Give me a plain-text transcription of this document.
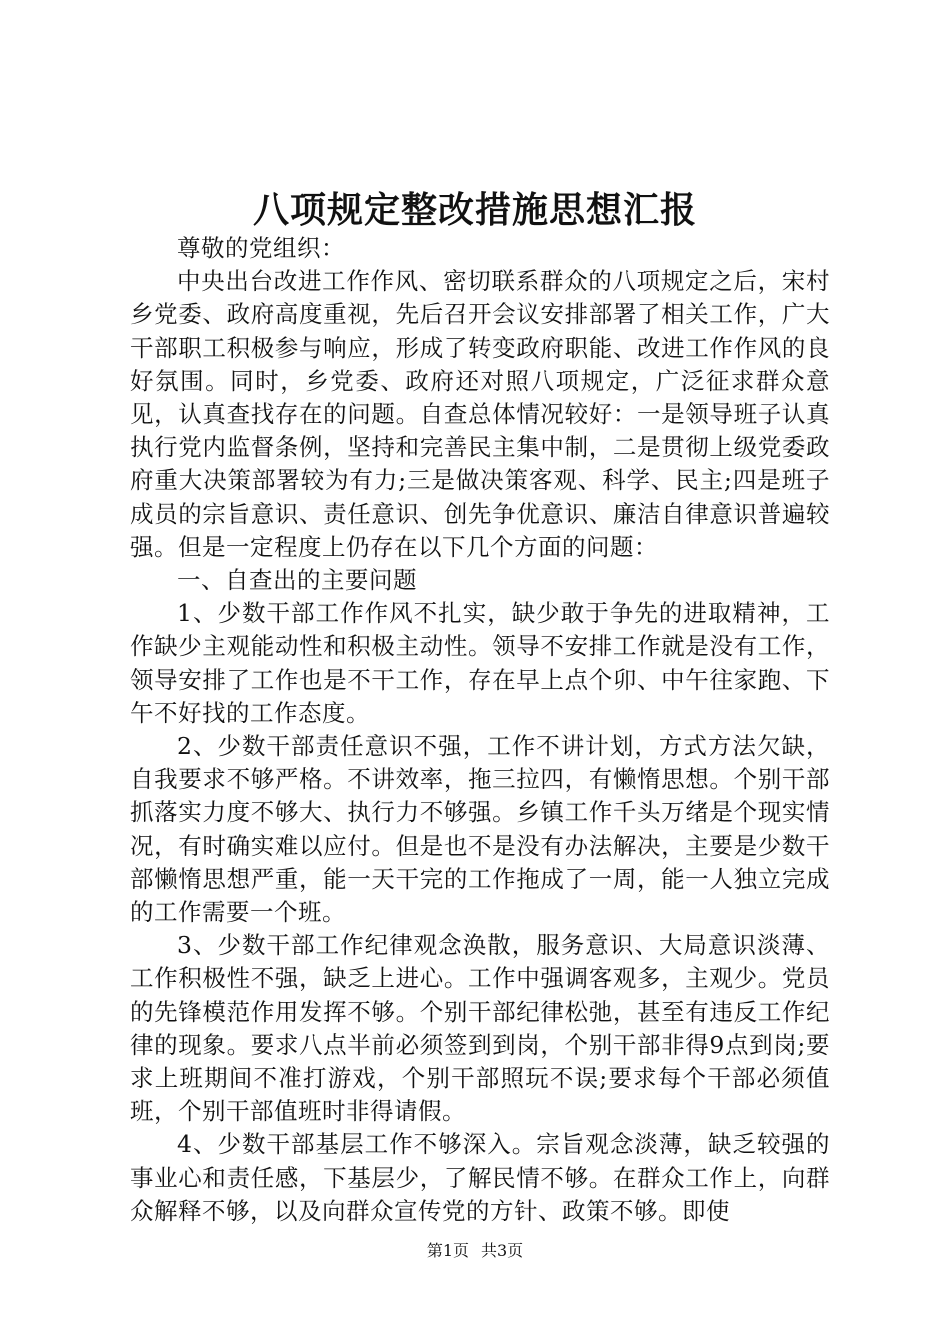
八项规定整改措施思想汇报

尊敬的党组织：

中央出台改进工作作风、密切联系群众的八项规定之后，宋村乡党委、政府高度重视，先后召开会议安排部署了相关工作，广大干部职工积极参与响应，形成了转变政府职能、改进工作作风的良好氛围。同时，乡党委、政府还对照八项规定，广泛征求群众意见，认真查找存在的问题。自查总体情况较好：一是领导班子认真执行党内监督条例，坚持和完善民主集中制，二是贯彻上级党委政府重大决策部署较为有力;三是做决策客观、科学、民主;四是班子成员的宗旨意识、责任意识、创先争优意识、廉洁自律意识普遍较强。但是一定程度上仍存在以下几个方面的问题：

一、自查出的主要问题

1、少数干部工作作风不扎实，缺少敢于争先的进取精神，工作缺少主观能动性和积极主动性。领导不安排工作就是没有工作，领导安排了工作也是不干工作，存在早上点个卯、中午往家跑、下午不好找的工作态度。

2、少数干部责任意识不强，工作不讲计划，方式方法欠缺，自我要求不够严格。不讲效率，拖三拉四，有懒惰思想。个别干部抓落实力度不够大、执行力不够强。乡镇工作千头万绪是个现实情况，有时确实难以应付。但是也不是没有办法解决，主要是少数干部懒惰思想严重，能一天干完的工作拖成了一周，能一人独立完成的工作需要一个班。

3、少数干部工作纪律观念涣散，服务意识、大局意识淡薄、工作积极性不强，缺乏上进心。工作中强调客观多，主观少。党员的先锋模范作用发挥不够。个别干部纪律松弛，甚至有违反工作纪律的现象。要求八点半前必须签到到岗，个别干部非得9点到岗;要求上班期间不准打游戏，个别干部照玩不误;要求每个干部必须值班，个别干部值班时非得请假。

4、少数干部基层工作不够深入。宗旨观念淡薄，缺乏较强的事业心和责任感，下基层少，了解民情不够。在群众工作上，向群众解释不够，以及向群众宣传党的方针、政策不够。即使

第1页 共3页
